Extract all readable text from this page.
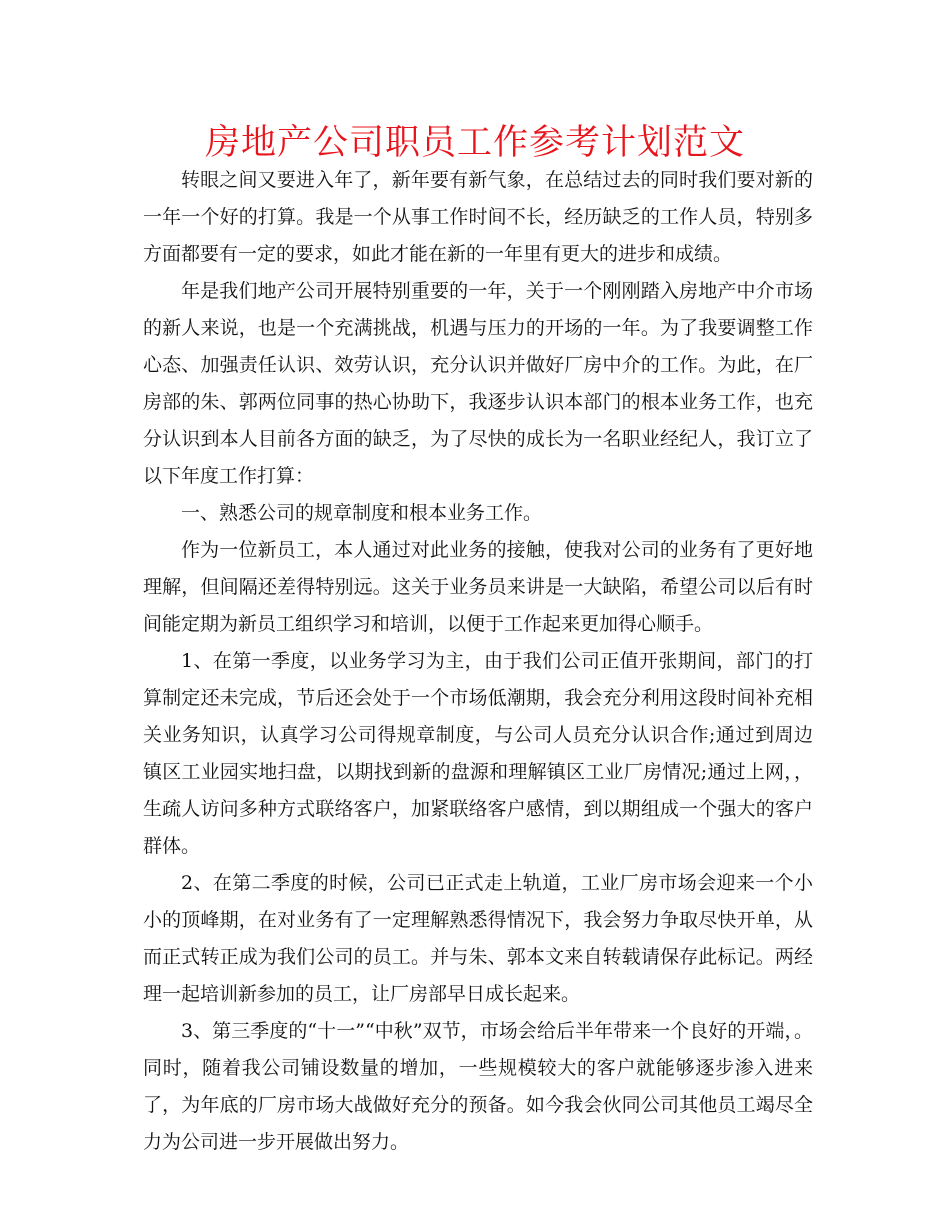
房地产公司职员工作参考计划范文

转眼之间又要进入年了，新年要有新气象，在总结过去的同时我们要对新的一年一个好的打算。我是一个从事工作时间不长，经历缺乏的工作人员，特别多方面都要有一定的要求，如此才能在新的一年里有更大的进步和成绩。

年是我们地产公司开展特别重要的一年，关于一个刚刚踏入房地产中介市场的新人来说，也是一个充满挑战，机遇与压力的开场的一年。为了我要调整工作心态、加强责任认识、效劳认识，充分认识并做好厂房中介的工作。为此，在厂房部的朱、郭两位同事的热心协助下，我逐步认识本部门的根本业务工作，也充分认识到本人目前各方面的缺乏，为了尽快的成长为一名职业经纪人，我订立了以下年度工作打算：

一、熟悉公司的规章制度和根本业务工作。

作为一位新员工，本人通过对此业务的接触，使我对公司的业务有了更好地理解，但间隔还差得特别远。这关于业务员来讲是一大缺陷，希望公司以后有时间能定期为新员工组织学习和培训，以便于工作起来更加得心顺手。

1、在第一季度，以业务学习为主，由于我们公司正值开张期间，部门的打算制定还未完成，节后还会处于一个市场低潮期，我会充分利用这段时间补充相关业务知识，认真学习公司得规章制度，与公司人员充分认识合作;通过到周边镇区工业园实地扫盘，以期找到新的盘源和理解镇区工业厂房情况;通过上网，，生疏人访问多种方式联络客户，加紧联络客户感情，到以期组成一个强大的客户群体。

2、在第二季度的时候，公司已正式走上轨道，工业厂房市场会迎来一个小小的顶峰期，在对业务有了一定理解熟悉得情况下，我会努力争取尽快开单，从而正式转正成为我们公司的员工。并与朱、郭本文来自转载请保存此标记。两经理一起培训新参加的员工，让厂房部早日成长起来。

3、第三季度的“十一”“中秋”双节，市场会给后半年带来一个良好的开端，。同时，随着我公司铺设数量的增加，一些规模较大的客户就能够逐步渗入进来了，为年底的厂房市场大战做好充分的预备。如今我会伙同公司其他员工竭尽全力为公司进一步开展做出努力。
